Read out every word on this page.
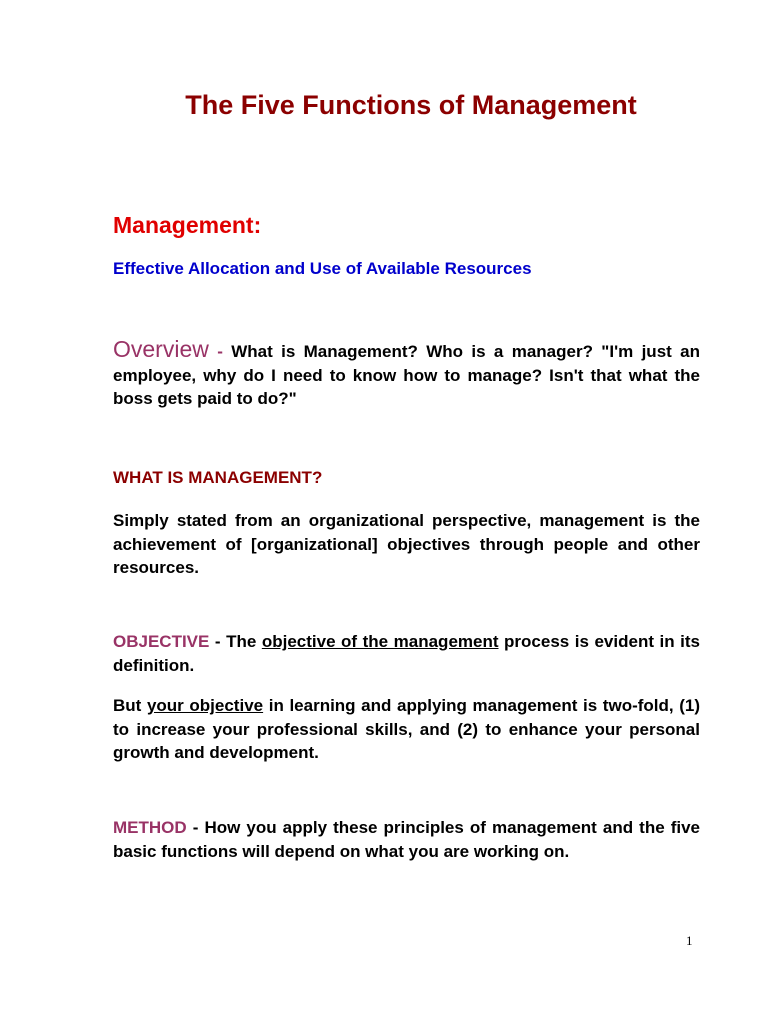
The Five Functions of Management
Management:
Effective Allocation and Use of Available Resources

Overview - What is Management? Who is a manager? "I'm just an employee, why do I need to know how to manage? Isn't that what the boss gets paid to do?"

WHAT IS MANAGEMENT?

Simply stated from an organizational perspective, management is the achievement of [organizational] objectives through people and other resources.

OBJECTIVE - The objective of the management process is evident in its definition.

But your objective in learning and applying management is two-fold, (1) to increase your professional skills, and (2) to enhance your personal growth and development.

METHOD - How you apply these principles of management and the five basic functions will depend on what you are working on.

1
